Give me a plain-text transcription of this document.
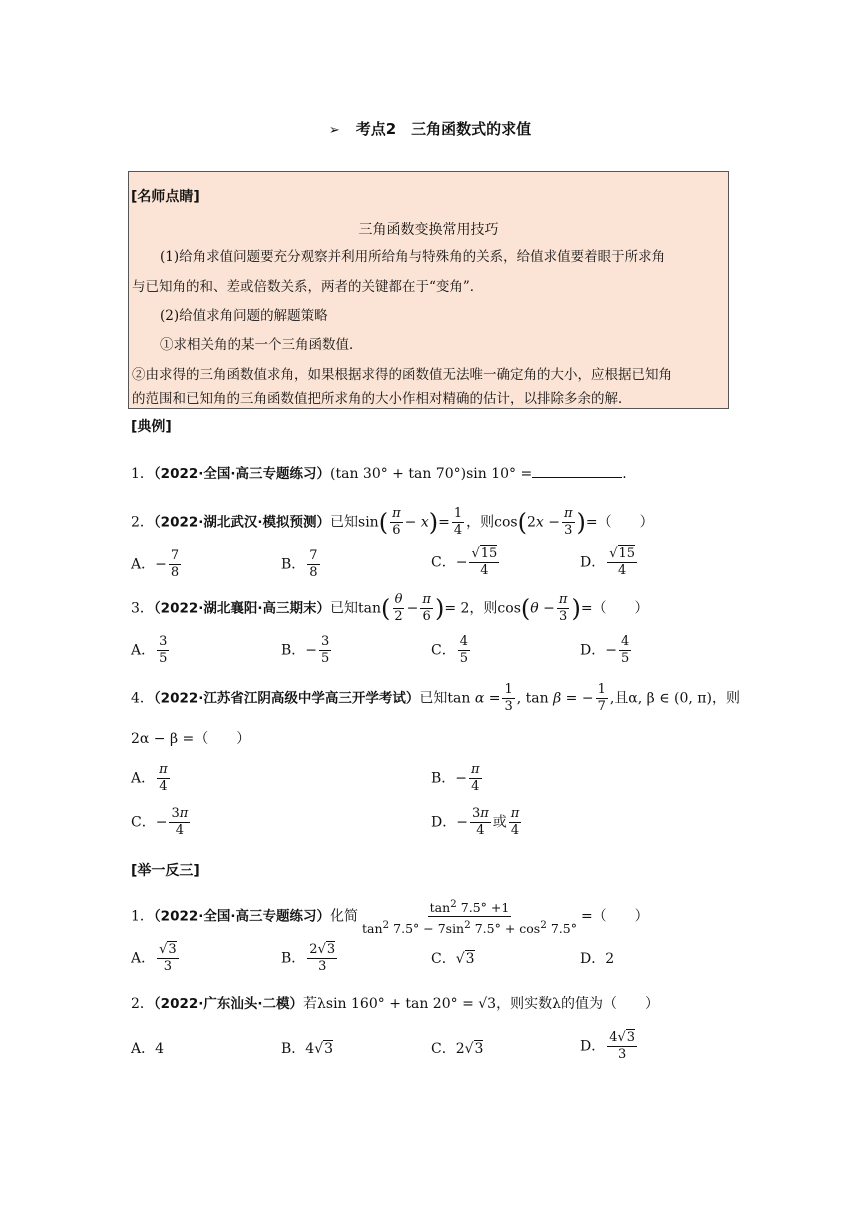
➢ 考点2　三角函数式的求值
[名师点睛]
三角函数变换常用技巧
(1)给角求值问题要充分观察并利用所给角与特殊角的关系，给值求值要着眼于所求角
与已知角的和、差或倍数关系，两者的关键都在于“变角”．
(2)给值求角问题的解题策略
①求相关角的某一个三角函数值．
②由求得的三角函数值求角，如果根据求得的函数值无法唯一确定角的大小，应根据已知角
的范围和已知角的三角函数值把所求角的大小作相对精确的估计，以排除多余的解．
[典例]
1．（2022·全国·高三专题练习）(tan 30° + tan 70°)sin 10° =	.
2．（2022·湖北武汉·模拟预测）已知$\sin( \frac{\pi}{6} - x)= \frac{1}{4}$ ，则$\cos(2x - \frac{\pi}{3}$ )=（　　）
A．− $\frac{7}{8}$	B． $\frac{7}{8}$	C．− $\frac{√15}{4}$	D． $\frac{√15}{4}$
3．（2022·湖北襄阳·高三期末）已知$\tan( \frac{\theta}{2} - \frac{\pi}{6}$ )= 2，则$\cos(\theta - \frac{\pi}{3}$ )=（　　）
A． $\frac{3}{5}$	B．− $\frac{3}{5}$	C． $\frac{4}{5}$	D．− $\frac{4}{5}$
4．（2022·江苏省江阴高级中学高三开学考试）已知$\tan \alpha = \frac{1}{3}$ , tan β = − $\frac{1}{7}$ ,且α, β ∈ (0, π)，则
2α − β =（　　）
A． $\frac{\pi}{4}$	B．− $\frac{\pi}{4}$
C．− $\frac{3\pi}{4}$	D．− $\frac{3\pi}{4}$ 或 $\frac{\pi}{4}$
[举一反三]
1．（2022·全国·高三专题练习）化简 $\frac{\tan^2 7.5^\circ +1}{\tan^2 7.5^\circ - 7\sin^2 7.5^\circ + \cos^2 7.5^\circ}$ =（　　）
A． $\frac{√3}{3}$	B． $\frac{2√3}{3}$	C．√3	D．2
2．（2022·广东汕头·二模）若λsin 160° + tan 20° = √3，则实数λ的值为（　　）
A．4	B．4√3	C．2√3	D． $\frac{4√3}{3}$
